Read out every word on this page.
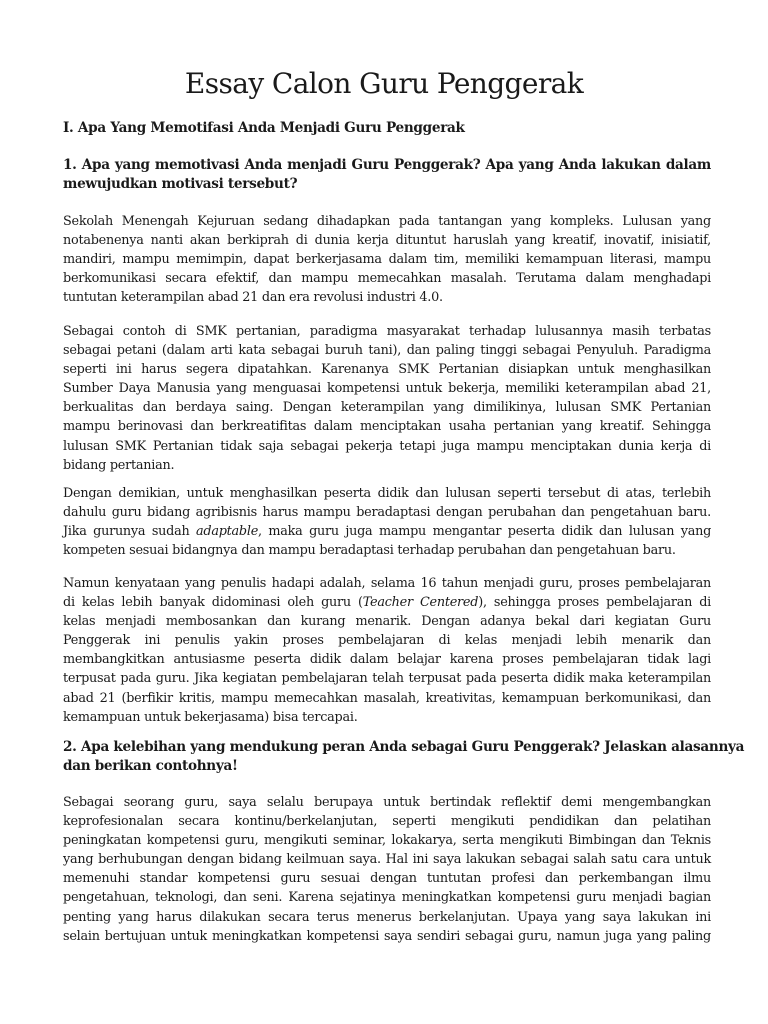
Essay Calon Guru Penggerak
I. Apa Yang Memotifasi Anda Menjadi Guru Penggerak
1. Apa yang memotivasi Anda menjadi Guru Penggerak? Apa yang Anda lakukan dalam
mewujudkan motivasi tersebut?
Sekolah Menengah Kejuruan sedang dihadapkan pada tantangan yang kompleks. Lulusan yang
notabenenya nanti akan berkiprah di dunia kerja dituntut haruslah yang kreatif, inovatif, inisiatif,
mandiri, mampu memimpin, dapat berkerjasama dalam tim, memiliki kemampuan literasi, mampu
berkomunikasi secara efektif, dan mampu memecahkan masalah. Terutama dalam menghadapi
tuntutan keterampilan abad 21 dan era revolusi industri 4.0.
Sebagai contoh di SMK pertanian, paradigma masyarakat terhadap lulusannya masih terbatas
sebagai petani (dalam arti kata sebagai buruh tani), dan paling tinggi sebagai Penyuluh. Paradigma
seperti ini harus segera dipatahkan. Karenanya SMK Pertanian disiapkan untuk menghasilkan
Sumber Daya Manusia yang menguasai kompetensi untuk bekerja, memiliki keterampilan abad 21,
berkualitas dan berdaya saing. Dengan keterampilan yang dimilikinya, lulusan SMK Pertanian
mampu berinovasi dan berkreatifitas dalam menciptakan usaha pertanian yang kreatif. Sehingga
lulusan SMK Pertanian tidak saja sebagai pekerja tetapi juga mampu menciptakan dunia kerja di
bidang pertanian.
Dengan demikian, untuk menghasilkan peserta didik dan lulusan seperti tersebut di atas, terlebih
dahulu guru bidang agribisnis harus mampu beradaptasi dengan perubahan dan pengetahuan baru.
Jika gurunya sudah adaptable, maka guru juga mampu mengantar peserta didik dan lulusan yang
kompeten sesuai bidangnya dan mampu beradaptasi terhadap perubahan dan pengetahuan baru.
Namun kenyataan yang penulis hadapi adalah, selama 16 tahun menjadi guru, proses pembelajaran
di kelas lebih banyak didominasi oleh guru (Teacher Centered), sehingga proses pembelajaran di
kelas menjadi membosankan dan kurang menarik. Dengan adanya bekal dari kegiatan Guru
Penggerak ini penulis yakin proses pembelajaran di kelas menjadi lebih menarik dan
membangkitkan antusiasme peserta didik dalam belajar karena proses pembelajaran tidak lagi
terpusat pada guru. Jika kegiatan pembelajaran telah terpusat pada peserta didik maka keterampilan
abad 21 (berfikir kritis, mampu memecahkan masalah, kreativitas, kemampuan berkomunikasi, dan
kemampuan untuk bekerjasama) bisa tercapai.
2. Apa kelebihan yang mendukung peran Anda sebagai Guru Penggerak? Jelaskan alasannya
dan berikan contohnya!
Sebagai seorang guru, saya selalu berupaya untuk bertindak reflektif demi mengembangkan
keprofesionalan secara kontinu/berkelanjutan, seperti mengikuti pendidikan dan pelatihan
peningkatan kompetensi guru, mengikuti seminar, lokakarya, serta mengikuti Bimbingan dan Teknis
yang berhubungan dengan bidang keilmuan saya. Hal ini saya lakukan sebagai salah satu cara untuk
memenuhi standar kompetensi guru sesuai dengan tuntutan profesi dan perkembangan ilmu
pengetahuan, teknologi, dan seni. Karena sejatinya meningkatkan kompetensi guru menjadi bagian
penting yang harus dilakukan secara terus menerus berkelanjutan. Upaya yang saya lakukan ini
selain bertujuan untuk meningkatkan kompetensi saya sendiri sebagai guru, namun juga yang paling
